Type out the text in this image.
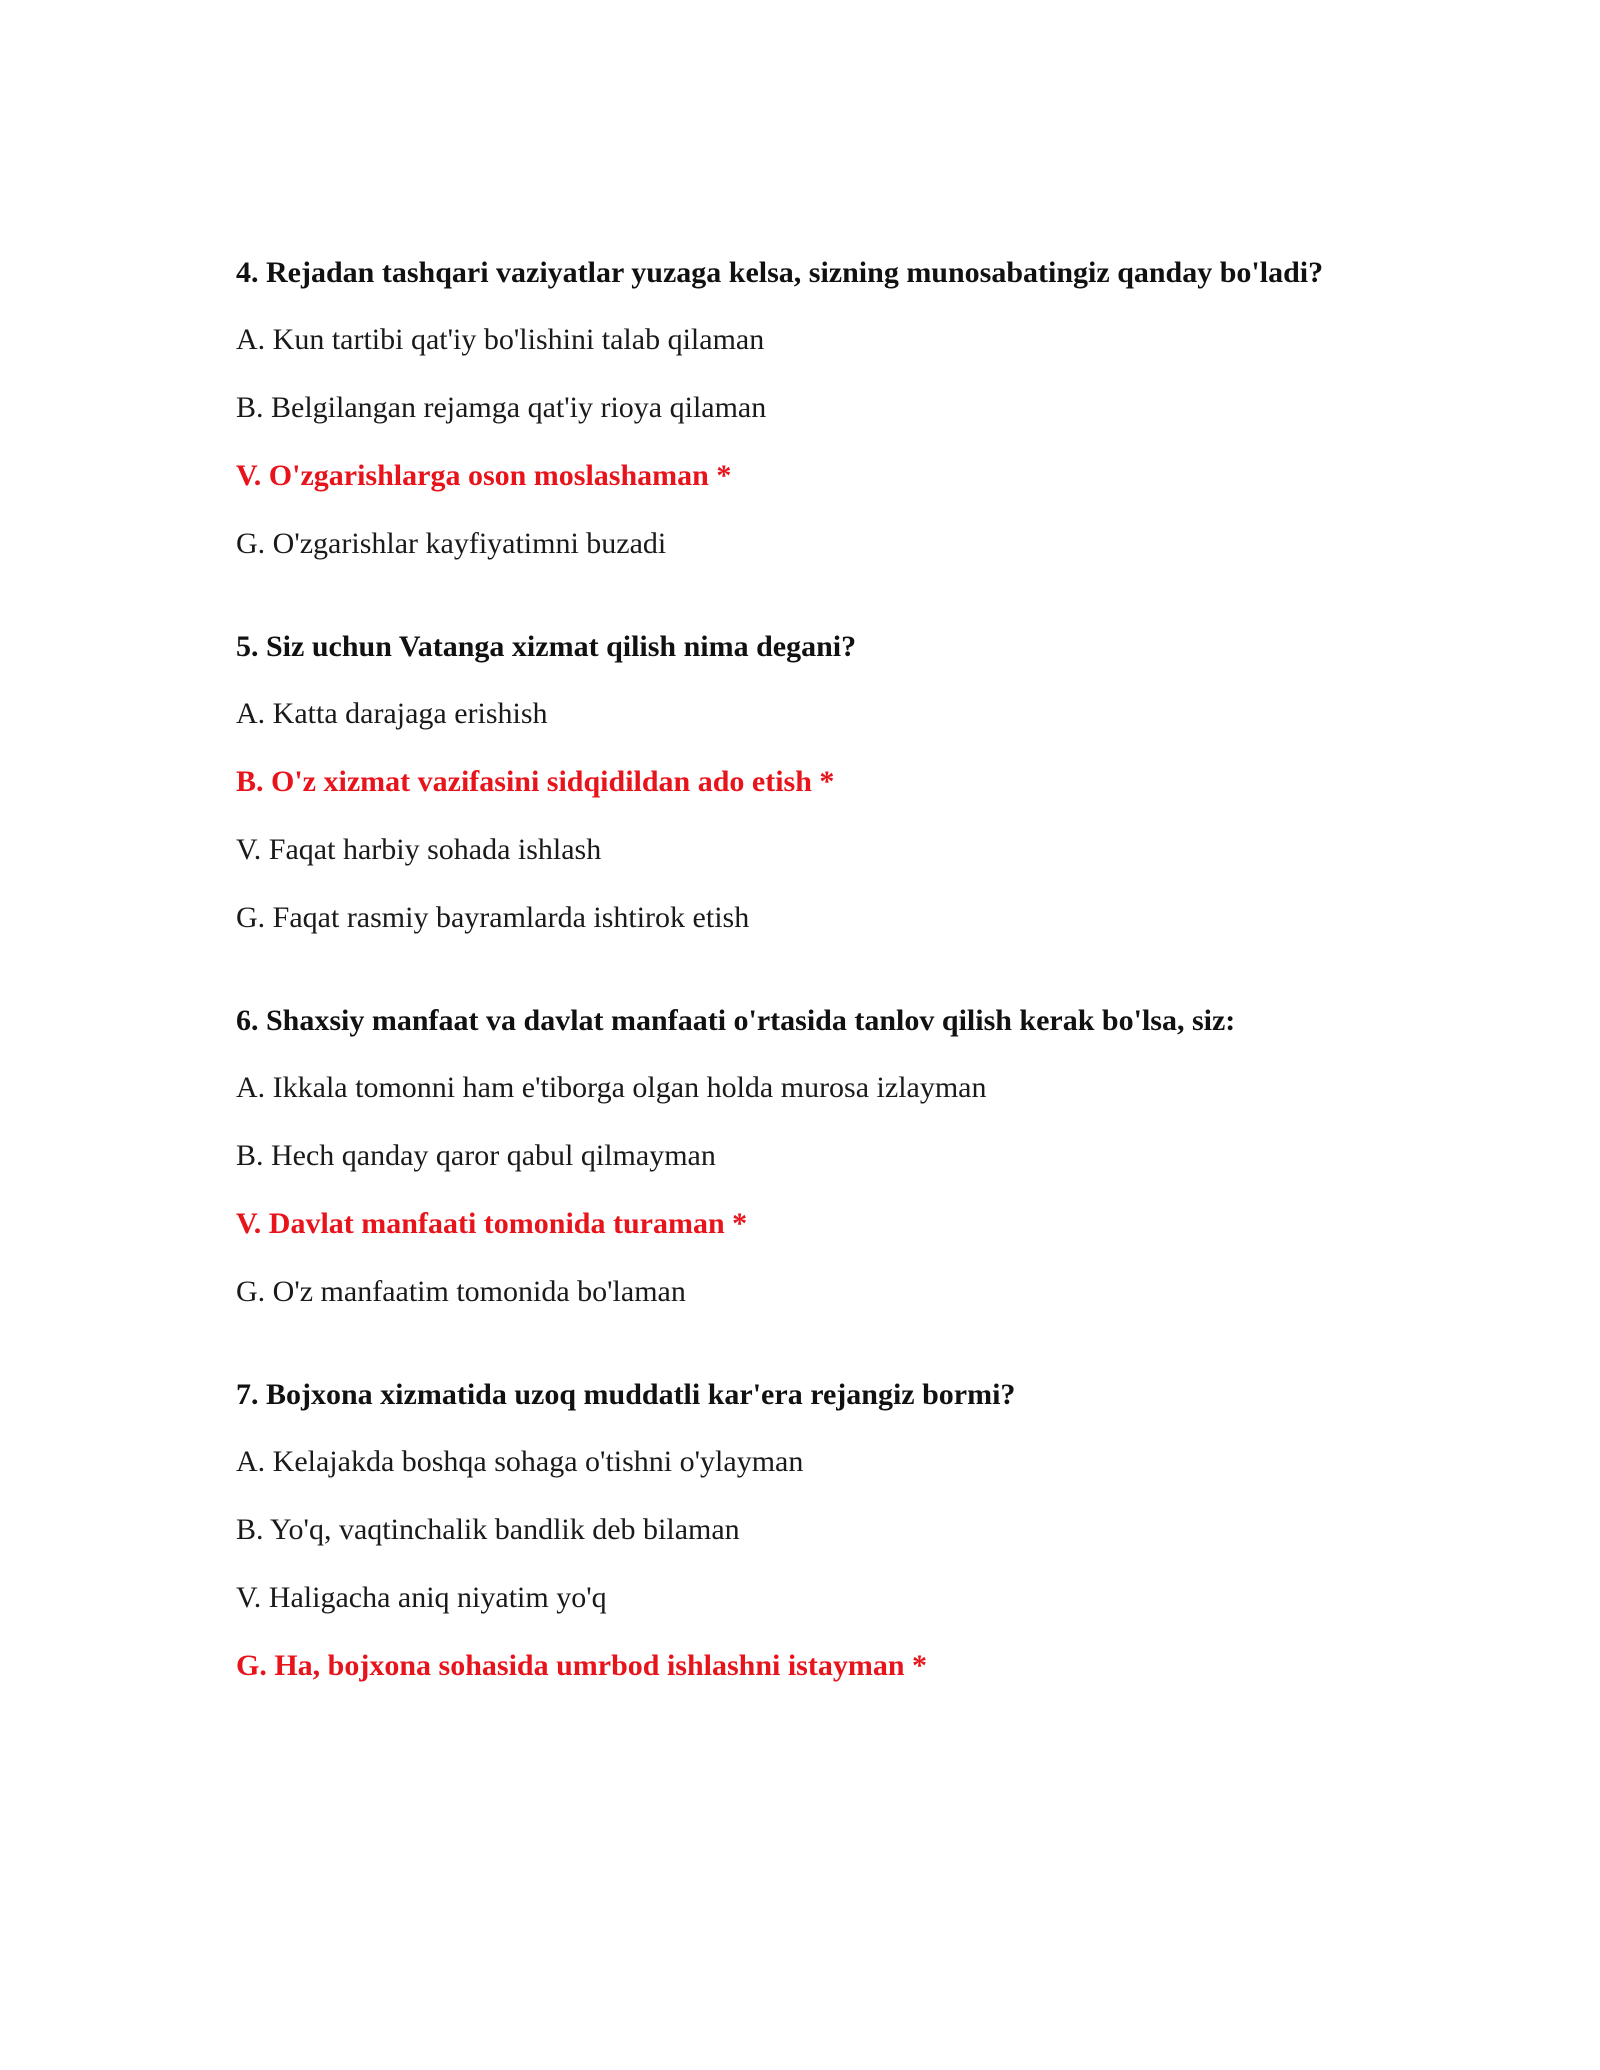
4. Rejadan tashqari vaziyatlar yuzaga kelsa, sizning munosabatingiz qanday bo'ladi?

A. Kun tartibi qat'iy bo'lishini talab qilaman

B. Belgilangan rejamga qat'iy rioya qilaman

V. O'zgarishlarga oson moslashaman *

G. O'zgarishlar kayfiyatimni buzadi

5. Siz uchun Vatanga xizmat qilish nima degani?

A. Katta darajaga erishish

B. O'z xizmat vazifasini sidqidildan ado etish *

V. Faqat harbiy sohada ishlash

G. Faqat rasmiy bayramlarda ishtirok etish

6. Shaxsiy manfaat va davlat manfaati o'rtasida tanlov qilish kerak bo'lsa, siz:

A. Ikkala tomonni ham e'tiborga olgan holda murosa izlayman

B. Hech qanday qaror qabul qilmayman

V. Davlat manfaati tomonida turaman *

G. O'z manfaatim tomonida bo'laman

7. Bojxona xizmatida uzoq muddatli kar'era rejangiz bormi?

A. Kelajakda boshqa sohaga o'tishni o'ylayman

B. Yo'q, vaqtinchalik bandlik deb bilaman

V. Haligacha aniq niyatim yo'q

G. Ha, bojxona sohasida umrbod ishlashni istayman *
